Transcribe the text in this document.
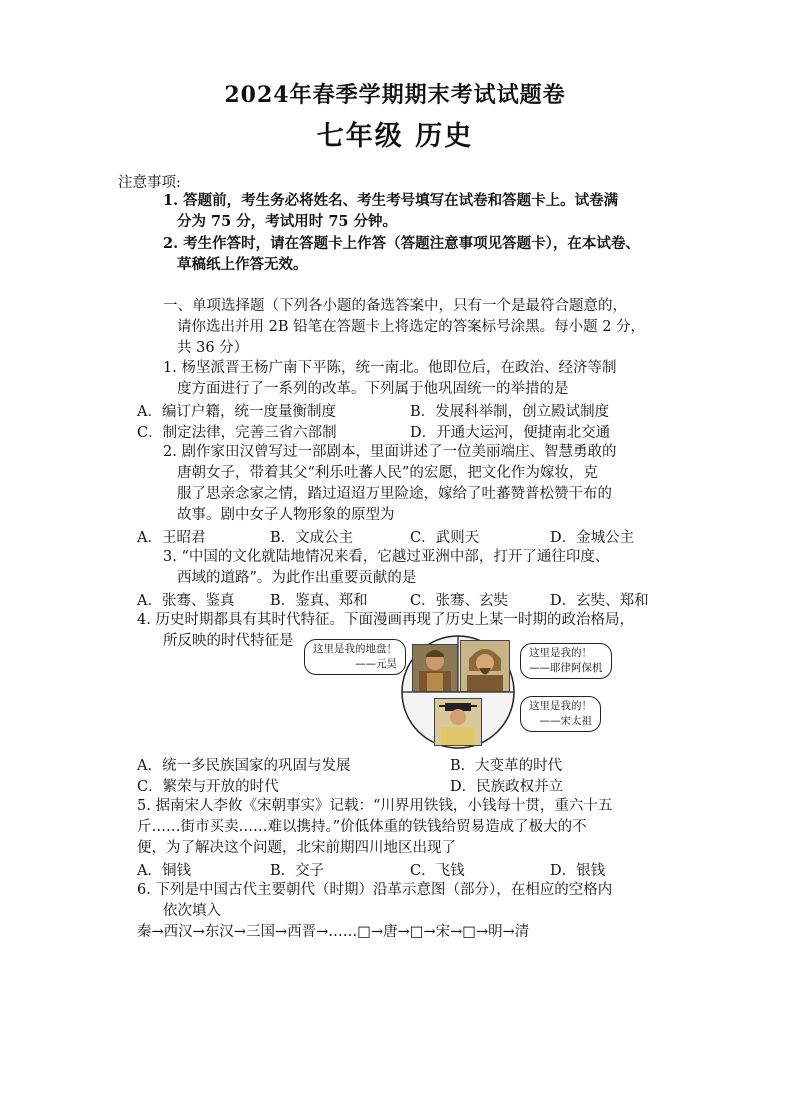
2024年春季学期期末考试试题卷
七年级 历史
注意事项:
1. 答题前，考生务必将姓名、考生考号填写在试卷和答题卡上。试卷满
分为 75 分，考试用时 75 分钟。
2. 考生作答时，请在答题卡上作答（答题注意事项见答题卡），在本试卷、
草稿纸上作答无效。
一、单项选择题（下列各小题的备选答案中，只有一个是最符合题意的，
请你选出并用 2B 铅笔在答题卡上将选定的答案标号涂黑。每小题 2 分，
共 36 分）
1. 杨坚派晋王杨广南下平陈，统一南北。他即位后，在政治、经济等制
度方面进行了一系列的改革。下列属于他巩固统一的举措的是
A．编订户籍，统一度量衡制度	B．发展科举制，创立殿试制度
C．制定法律，完善三省六部制	D．开通大运河，便捷南北交通
2. 剧作家田汉曾写过一部剧本，里面讲述了一位美丽端庄、智慧勇敢的
唐朝女子，带着其父“利乐吐蕃人民”的宏愿，把文化作为嫁妆，克
服了思亲念家之情，踏过迢迢万里险途，嫁给了吐蕃赞普松赞干布的
故事。剧中女子人物形象的原型为
A．王昭君	B．文成公主	C．武则天	D．金城公主
3. “中国的文化就陆地情况来看，它越过亚洲中部，打开了通往印度、
西域的道路”。为此作出重要贡献的是
A．张骞、鉴真 B．鉴真、郑和	C．张骞、玄奘	D．玄奘、郑和
4. 历史时期都具有其时代特征。下面漫画再现了历史上某一时期的政治格局，
所反映的时代特征是	这里是我的地盘！
——元昊
这里是我的！
——耶律阿保机
这里是我的！
——宋太祖
A．统一多民族国家的巩固与发展	B．大变革的时代
C．繁荣与开放的时代	D．民族政权并立
5. 据南宋人李攸《宋朝事实》记载：“川界用铁钱，小钱每十贯，重六十五
斤……街市买卖……难以携持。”价低体重的铁钱给贸易造成了极大的不
便，为了解决这个问题，北宋前期四川地区出现了
A．铜钱	B．交子	C．飞钱	D．银钱
6. 下列是中国古代主要朝代（时期）沿革示意图（部分），在相应的空格内
依次填入
秦→西汉→东汉→三国→西晋→……□→唐→□→宋→□→明→清
